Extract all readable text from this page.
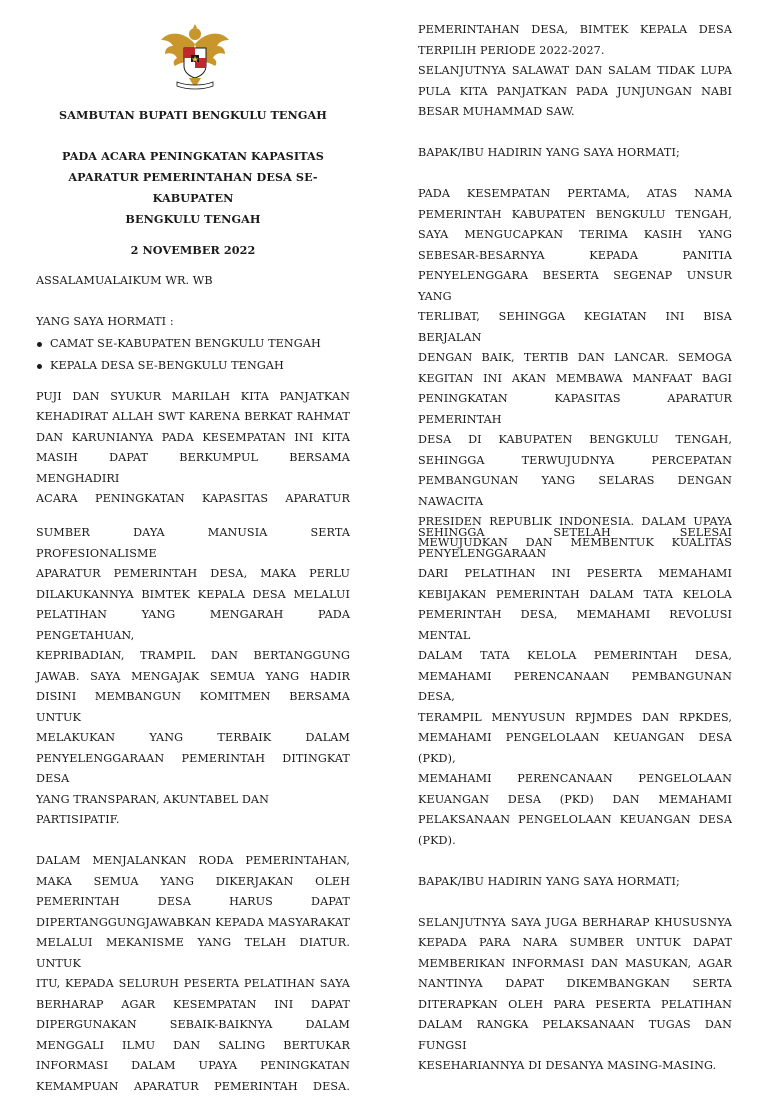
SAMBUTAN BUPATI BENGKULU TENGAH

PADA ACARA PENINGKATAN KAPASITAS

APARATUR PEMERINTAHAN DESA SE-KABUPATEN

BENGKULU TENGAH

2 NOVEMBER 2022

ASSALAMUALAIKUM WR. WB

YANG SAYA HORMATI :

CAMAT SE-KABUPATEN BENGKULU TENGAH
KEPALA DESA SE-BENGKULU TENGAH
PUJI DAN SYUKUR MARILAH KITA PANJATKAN
KEHADIRAT ALLAH SWT KARENA BERKAT RAHMAT
DAN KARUNIANYA PADA KESEMPATAN INI KITA
MASIH DAPAT BERKUMPUL BERSAMA MENGHADIRI
ACARA PENINGKATAN KAPASITAS APARATUR
PEMERINTAHAN DESA, BIMTEK KEPALA DESA
TERPILIH PERIODE 2022-2027.
SELANJUTNYA SALAWAT DAN SALAM TIDAK LUPA
PULA KITA PANJATKAN PADA JUNJUNGAN NABI
BESAR MUHAMMAD SAW.

BAPAK/IBU HADIRIN YANG SAYA HORMATI;

PADA KESEMPATAN PERTAMA, ATAS NAMA
PEMERINTAH KABUPATEN BENGKULU TENGAH,
SAYA MENGUCAPKAN TERIMA KASIH YANG
SEBESAR-BESARNYA KEPADA PANITIA
PENYELENGGARA BESERTA SEGENAP UNSUR YANG
TERLIBAT, SEHINGGA KEGIATAN INI BISA BERJALAN
DENGAN BAIK, TERTIB DAN LANCAR. SEMOGA
KEGITAN INI AKAN MEMBAWA MANFAAT BAGI
PENINGKATAN KAPASITAS APARATUR PEMERINTAH
DESA DI KABUPATEN BENGKULU TENGAH,
SEHINGGA TERWUJUDNYA PERCEPATAN
PEMBANGUNAN YANG SELARAS DENGAN NAWACITA
PRESIDEN REPUBLIK INDONESIA. DALAM UPAYA
MEWUJUDKAN DAN MEMBENTUK KUALITAS
SUMBER DAYA MANUSIA SERTA PROFESIONALISME
APARATUR PEMERINTAH DESA, MAKA PERLU
DILAKUKANNYA BIMTEK KEPALA DESA MELALUI
PELATIHAN YANG MENGARAH PADA PENGETAHUAN,
KEPRIBADIAN, TRAMPIL DAN BERTANGGUNG
JAWAB. SAYA MENGAJAK SEMUA YANG HADIR
DISINI MEMBANGUN KOMITMEN BERSAMA UNTUK
MELAKUKAN YANG TERBAIK DALAM
PENYELENGGARAAN PEMERINTAH DITINGKAT DESA
YANG TRANSPARAN, AKUNTABEL DAN PARTISIPATIF.
DALAM MENJALANKAN RODA PEMERINTAHAN,
MAKA SEMUA YANG DIKERJAKAN OLEH
PEMERINTAH DESA HARUS DAPAT
DIPERTANGGUNGJAWABKAN KEPADA MASYARAKAT
MELALUI MEKANISME YANG TELAH DIATUR. UNTUK
ITU, KEPADA SELURUH PESERTA PELATIHAN SAYA
BERHARAP AGAR KESEMPATAN INI DAPAT
DIPERGUNAKAN SEBAIK-BAIKNYA DALAM
MENGGALI ILMU DAN SALING BERTUKAR
INFORMASI DALAM UPAYA PENINGKATAN
KEMAMPUAN APARATUR PEMERINTAH DESA.
SEHINGGA SETELAH SELESAI PENYELENGGARAAN
DARI PELATIHAN INI PESERTA MEMAHAMI
KEBIJAKAN PEMERINTAH DALAM TATA KELOLA
PEMERINTAH DESA, MEMAHAMI REVOLUSI MENTAL
DALAM TATA KELOLA PEMERINTAH DESA,
MEMAHAMI PERENCANAAN PEMBANGUNAN DESA,
TERAMPIL MENYUSUN RPJMDES DAN RPKDES,
MEMAHAMI PENGELOLAAN KEUANGAN DESA (PKD),
MEMAHAMI PERENCANAAN PENGELOLAAN
KEUANGAN DESA (PKD) DAN MEMAHAMI
PELAKSANAAN PENGELOLAAN KEUANGAN DESA
(PKD).

BAPAK/IBU HADIRIN YANG SAYA HORMATI;

SELANJUTNYA SAYA JUGA BERHARAP KHUSUSNYA
KEPADA PARA NARA SUMBER UNTUK DAPAT
MEMBERIKAN INFORMASI DAN MASUKAN, AGAR
NANTINYA DAPAT DIKEMBANGKAN SERTA
DITERAPKAN OLEH PARA PESERTA PELATIHAN
DALAM RANGKA PELAKSANAAN TUGAS DAN FUNGSI
KESEHARIANNYA DI DESANYA MASING-MASING.
